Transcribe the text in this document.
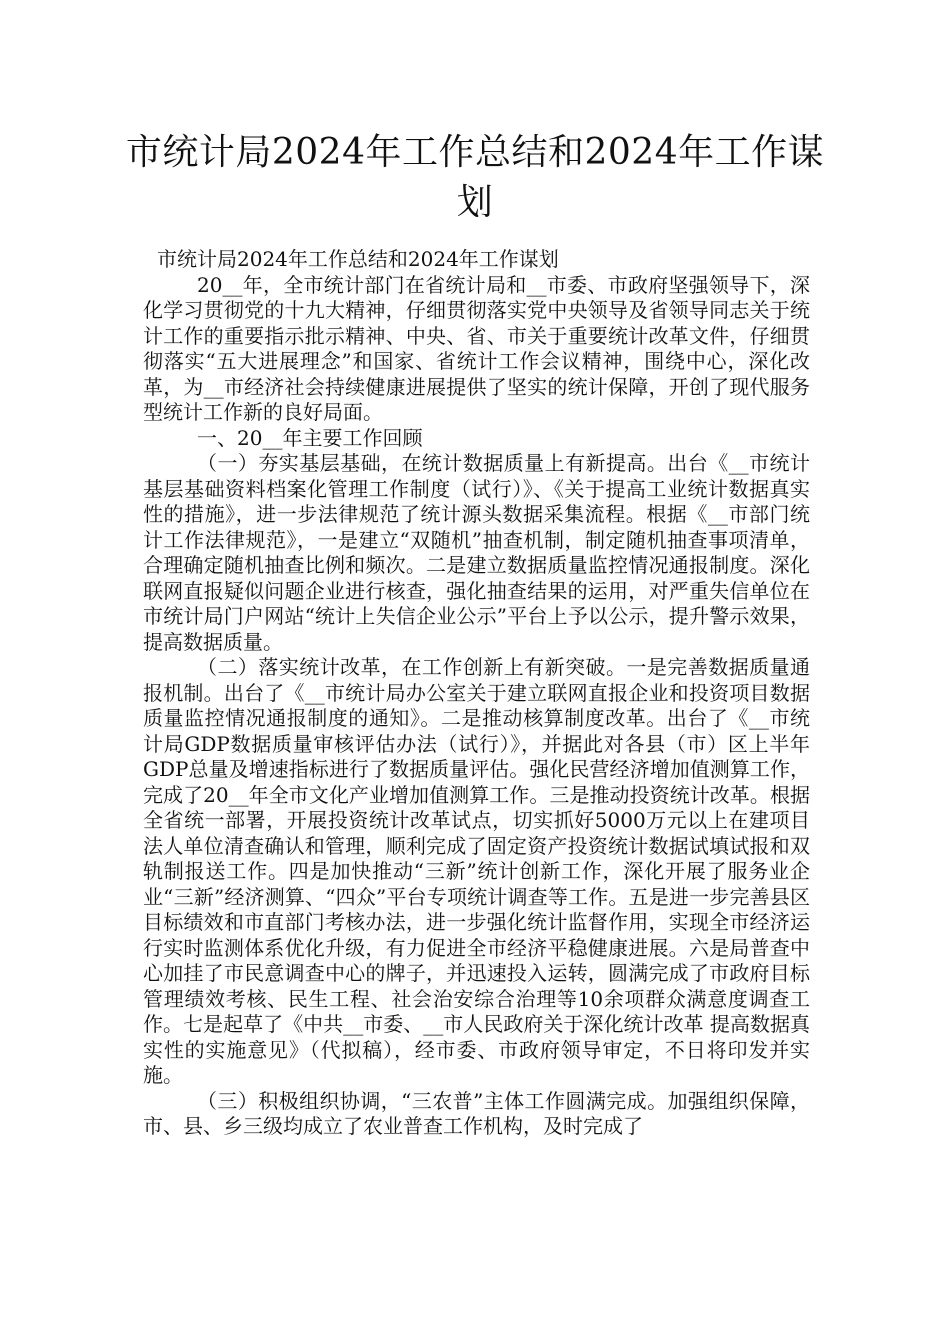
市统计局2024年工作总结和2024年工作谋划

市统计局2024年工作总结和2024年工作谋划

20__年，全市统计部门在省统计局和__市委、市政府坚强领导下，深化学习贯彻党的十九大精神，仔细贯彻落实党中央领导及省领导同志关于统计工作的重要指示批示精神、中央、省、市关于重要统计改革文件，仔细贯彻落实“五大进展理念”和国家、省统计工作会议精神，围绕中心，深化改革，为__市经济社会持续健康进展提供了坚实的统计保障，开创了现代服务型统计工作新的良好局面。

一、20__年主要工作回顾

（一）夯实基层基础，在统计数据质量上有新提高。出台《__市统计基层基础资料档案化管理工作制度（试行）》、《关于提高工业统计数据真实性的措施》，进一步法律规范了统计源头数据采集流程。根据《__市部门统计工作法律规范》，一是建立“双随机”抽查机制，制定随机抽查事项清单，合理确定随机抽查比例和频次。二是建立数据质量监控情况通报制度。深化联网直报疑似问题企业进行核查，强化抽查结果的运用，对严重失信单位在市统计局门户网站“统计上失信企业公示”平台上予以公示，提升警示效果，提高数据质量。

（二）落实统计改革，在工作创新上有新突破。一是完善数据质量通报机制。出台了《__市统计局办公室关于建立联网直报企业和投资项目数据质量监控情况通报制度的通知》。二是推动核算制度改革。出台了《__市统计局GDP数据质量审核评估办法（试行）》，并据此对各县（市）区上半年GDP总量及增速指标进行了数据质量评估。强化民营经济增加值测算工作，完成了20__年全市文化产业增加值测算工作。三是推动投资统计改革。根据全省统一部署，开展投资统计改革试点，切实抓好5000万元以上在建项目法人单位清查确认和管理，顺利完成了固定资产投资统计数据试填试报和双轨制报送工作。四是加快推动“三新”统计创新工作，深化开展了服务业企业“三新”经济测算、“四众”平台专项统计调查等工作。五是进一步完善县区目标绩效和市直部门考核办法，进一步强化统计监督作用，实现全市经济运行实时监测体系优化升级，有力促进全市经济平稳健康进展。六是局普查中心加挂了市民意调查中心的牌子，并迅速投入运转，圆满完成了市政府目标管理绩效考核、民生工程、社会治安综合治理等10余项群众满意度调查工作。七是起草了《中共__市委、__市人民政府关于深化统计改革 提高数据真实性的实施意见》（代拟稿），经市委、市政府领导审定，不日将印发并实施。

（三）积极组织协调，“三农普”主体工作圆满完成。加强组织保障，市、县、乡三级均成立了农业普查工作机构，及时完成了
